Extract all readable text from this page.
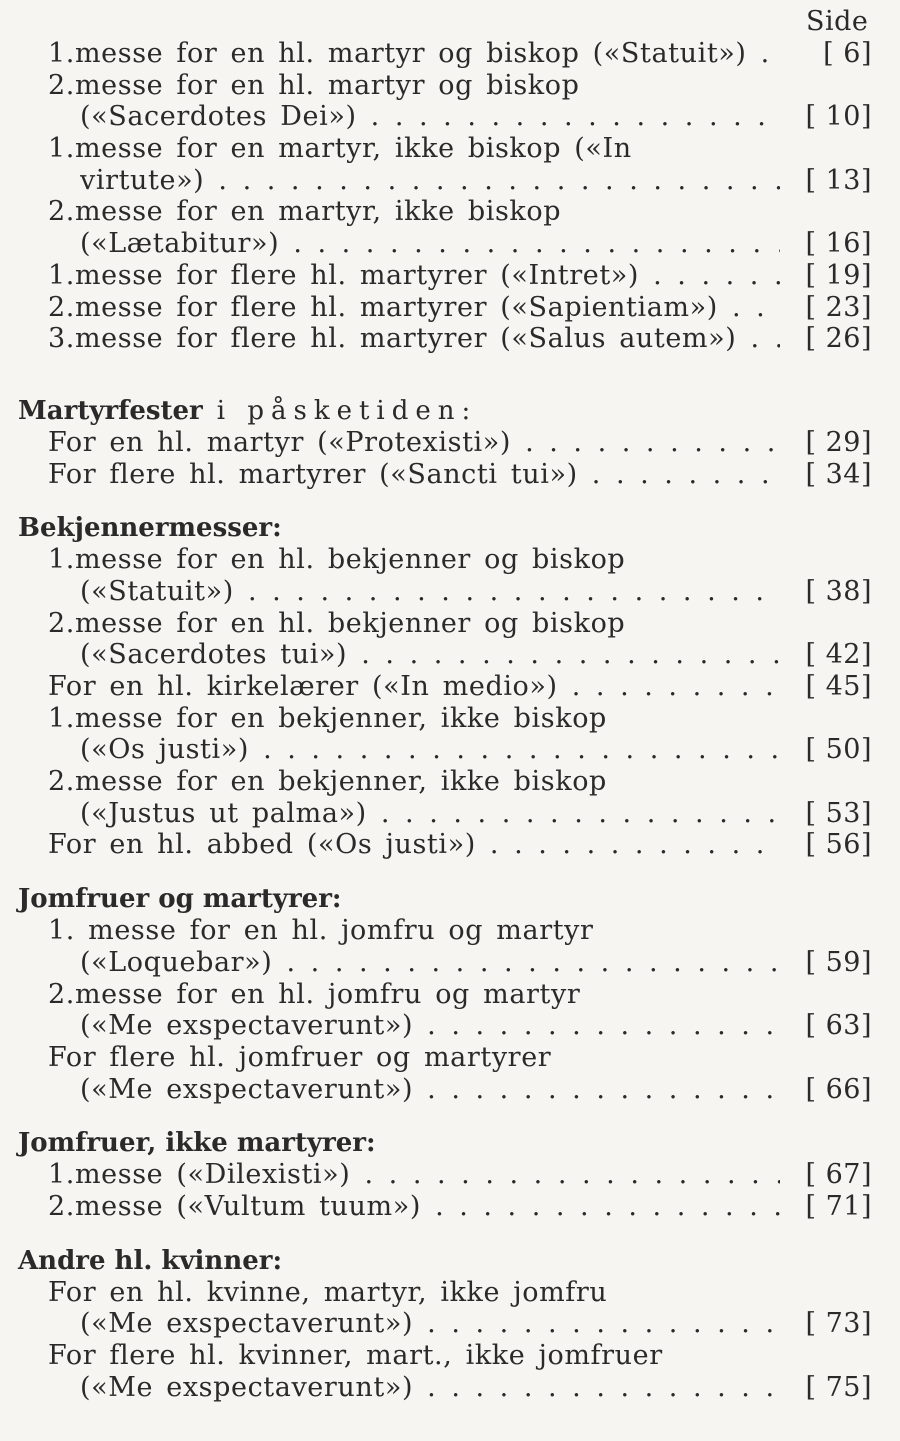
Side
1.messe for en hl. martyr og biskop («Statuit») . . .	[ 6]
2.messe for en hl. martyr og biskop
(«Sacerdotes Dei») . . .	[ 10]
1.messe for en martyr, ikke biskop («In
virtute») . . .	[ 13]
2.messe for en martyr, ikke biskop
(«Lætabitur») . . .	[ 16]
1.messe for flere hl. martyrer («Intret») . . .	[ 19]
2.messe for flere hl. martyrer («Sapientiam») . . .	[ 23]
3.messe for flere hl. martyrer («Salus autem») . . .	[ 26]
Martyrfester i påsketiden:
For en hl. martyr («Protexisti») . . .	[ 29]
For flere hl. martyrer («Sancti tui») . . .	[ 34]
Bekjennermesser:
1.messe for en hl. bekjenner og biskop
(«Statuit») . . .	[ 38]
2.messe for en hl. bekjenner og biskop
(«Sacerdotes tui») . . .	[ 42]
For en hl. kirkelærer («In medio») . . .	[ 45]
1.messe for en bekjenner, ikke biskop
(«Os justi») . . .	[ 50]
2.messe for en bekjenner, ikke biskop
(«Justus ut palma») . . .	[ 53]
For en hl. abbed («Os justi») . . .	[ 56]
Jomfruer og martyrer:
1. messe for en hl. jomfru og martyr
(«Loquebar») . . .	[ 59]
2.messe for en hl. jomfru og martyr
(«Me exspectaverunt») . . .	[ 63]
For flere hl. jomfruer og martyrer
(«Me exspectaverunt») . . .	[ 66]
Jomfruer, ikke martyrer:
1.messe («Dilexisti») . . .	[ 67]
2.messe («Vultum tuum») . . .	[ 71]
Andre hl. kvinner:
For en hl. kvinne, martyr, ikke jomfru
(«Me exspectaverunt») . . .	[ 73]
For flere hl. kvinner, mart., ikke jomfruer
(«Me exspectaverunt») . . .	[ 75]
